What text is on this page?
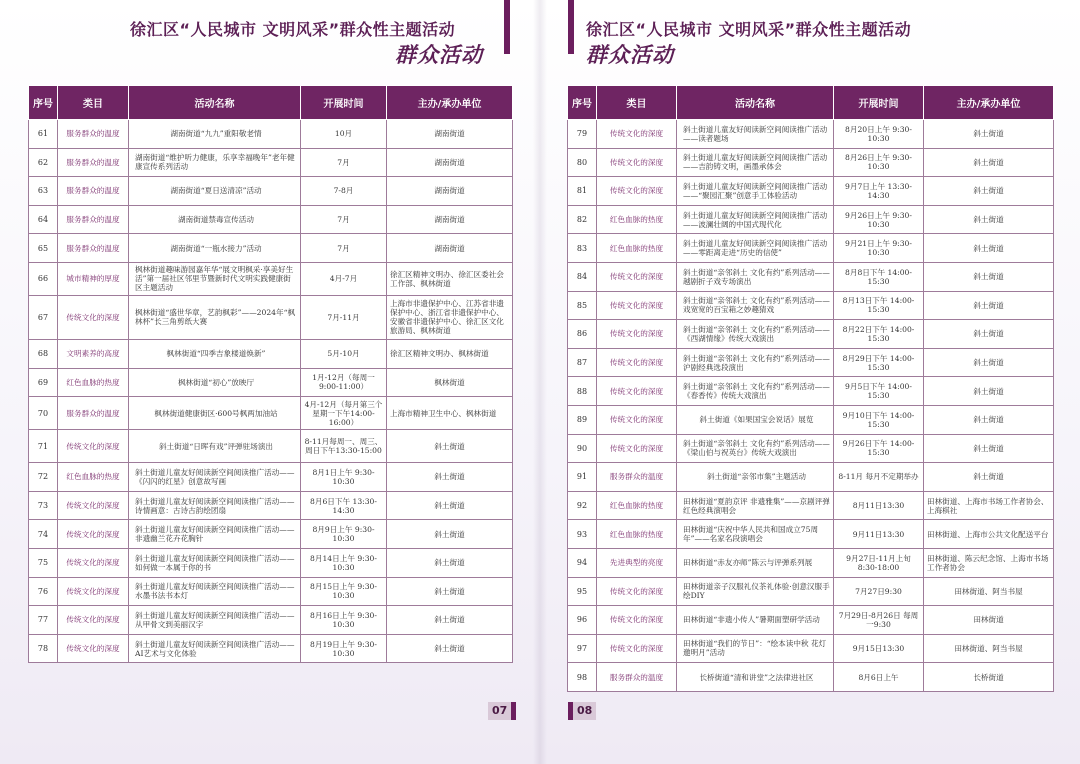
徐汇区“人民城市 文明风采”群众性主题活动
群众活动
序号	类目	活动名称	开展时间	主办/承办单位
61	服务群众的温度	湖南街道“九九”重阳敬老情	10月	湖南街道
62	服务群众的温度	湖南街道“维护听力健康，乐享幸福晚年”老年健康宣传系列活动	7月	湖南街道
63	服务群众的温度	湖南街道“夏日送清凉”活动	7-8月	湖南街道
64	服务群众的温度	湖南街道禁毒宣传活动	7月	湖南街道
65	服务群众的温度	湖南街道“一瓶水接力”活动	7月	湖南街道
66	城市精神的厚度	枫林街道趣味游园嘉年华“展文明枫采·享美好生活”第一届社区邻里节暨新时代文明实践健康街区主题活动	4月-7月	徐汇区精神文明办、徐汇区委社会工作部、枫林街道
67	传统文化的深度	枫林街道“盛世华章，艺韵枫彩”——2024年“枫林杯”长三角剪纸大赛	7月-11月	上海市非遗保护中心、江苏省非遗保护中心、浙江省非遗保护中心、安徽省非遗保护中心、徐汇区文化旅游局、枫林街道
68	文明素养的高度	枫林街道“四季吉象楼道焕新”	5月-10月	徐汇区精神文明办、枫林街道
69	红色血脉的热度	枫林街道“初心”放映厅	1月-12月（每周一 9:00-11:00）	枫林街道
70	服务群众的温度	枫林街道健康街区·600号枫两加油站	4月-12月（每月第三个星期一下午14:00-16:00）	上海市精神卫生中心、枫林街道
71	传统文化的深度	斜土街道“日晖有戏”评弹驻场演出	8-11月每周一、周三、周日下午13:30-15:00	斜土街道
72	红色血脉的热度	斜土街道儿童友好阅读新空间阅读推广活动——《闪闪的红星》创意故写画	8月1日上午 9:30-10:30	斜土街道
73	传统文化的深度	斜土街道儿童友好阅读新空间阅读推广活动——诗情画意：古诗古韵绘团扇	8月6日下午 13:30-14:30	斜土街道
74	传统文化的深度	斜土街道儿童友好阅读新空间阅读推广活动——非遗幽兰花卉花胸针	8月9日上午 9:30-10:30	斜土街道
75	传统文化的深度	斜土街道儿童友好阅读新空间阅读推广活动——如何做一本属于你的书	8月14日上午 9:30-10:30	斜土街道
76	传统文化的深度	斜土街道儿童友好阅读新空间阅读推广活动——水墨书法书本灯	8月15日上午 9:30-10:30	斜土街道
77	传统文化的深度	斜土街道儿童友好阅读新空间阅读推广活动——从甲骨文到美丽汉字	8月16日上午 9:30-10:30	斜土街道
78	传统文化的深度	斜土街道儿童友好阅读新空间阅读推广活动——AI艺术与文化体验	8月19日上午 9:30-10:30	斜土街道
07
徐汇区“人民城市 文明风采”群众性主题活动
群众活动
序号	类目	活动名称	开展时间	主办/承办单位
79	传统文化的深度	斜土街道儿童友好阅读新空间阅读推广活动——读者题场	8月20日上午 9:30-10:30	斜土街道
80	传统文化的深度	斜土街道儿童友好阅读新空间阅读推广活动——吉韵铸文明，画墨承体会	8月26日上午 9:30-10:30	斜土街道
81	传统文化的深度	斜土街道儿童友好阅读新空间阅读推广活动——“聚园汇聚”创意手工体验活动	9月7日上午 13:30-14:30	斜土街道
82	红色血脉的热度	斜土街道儿童友好阅读新空间阅读推广活动——波澜壮阔的中国式现代化	9月26日上午 9:30-10:30	斜土街道
83	红色血脉的热度	斜土街道儿童友好阅读新空间阅读推广活动——零距离走进“历史的信使”	9月21日上午 9:30-10:30	斜土街道
84	传统文化的深度	斜土街道“亲邻斜土 文化有约”系列活动——越剧折子戏专场演出	8月8日下午 14:00-15:30	斜土街道
85	传统文化的深度	斜土街道“亲邻斜土 文化有约”系列活动——戏宽宽的百宝箱之妙趣猜戏	8月13日下午 14:00-15:30	斜土街道
86	传统文化的深度	斜土街道“亲邻斜土 文化有约”系列活动——《西湖情缘》传统大戏演出	8月22日下午 14:00-15:30	斜土街道
87	传统文化的深度	斜土街道“亲邻斜土 文化有约”系列活动——沪剧经典选段演出	8月29日下午 14:00-15:30	斜土街道
88	传统文化的深度	斜土街道“亲邻斜土 文化有约”系列活动——《春香传》传统大戏演出	9月5日下午 14:00-15:30	斜土街道
89	传统文化的深度	斜土街道《如果国宝会说话》展览	9月10日下午 14:00-15:30	斜土街道
90	传统文化的深度	斜土街道“亲邻斜土 文化有约”系列活动——《梁山伯与祝英台》传统大戏演出	9月26日下午 14:00-15:30	斜土街道
91	服务群众的温度	斜土街道“亲邻市集”主题活动	8-11月 每月不定期举办	斜土街道
92	红色血脉的热度	田林街道“夏韵京评 非遗雅集”——京剧评弹红色经典演唱会	8月11日13:30	田林街道、上海市书场工作者协会、上海棋社
93	红色血脉的热度	田林街道“庆祝中华人民共和国成立75周年”——名家名段演唱会	9月11日13:30	田林街道、上海市公共文化配送平台
94	先进典型的亮度	田林街道“赤友亦师”陈云与评弹系列展	9月27日-11月上旬 8:30-18:00	田林街道、陈云纪念馆、上海市书场工作者协会
95	传统文化的深度	田林街道亲子汉服礼仪茶礼体验·创意汉服手绘DIY	7月27日9:30	田林街道、阿当书屋
96	传统文化的深度	田林街道“非遗小传人”暑期面塑研学活动	7月29日-8月26日 每周一9:30	田林街道
97	传统文化的深度	田林街道“我们的节日”：“绘本读中秋 花灯邀明月”活动	9月15日13:30	田林街道、阿当书屋
98	服务群众的温度	长桥街道“清和讲堂”之法律进社区	8月6日上午	长桥街道
08
